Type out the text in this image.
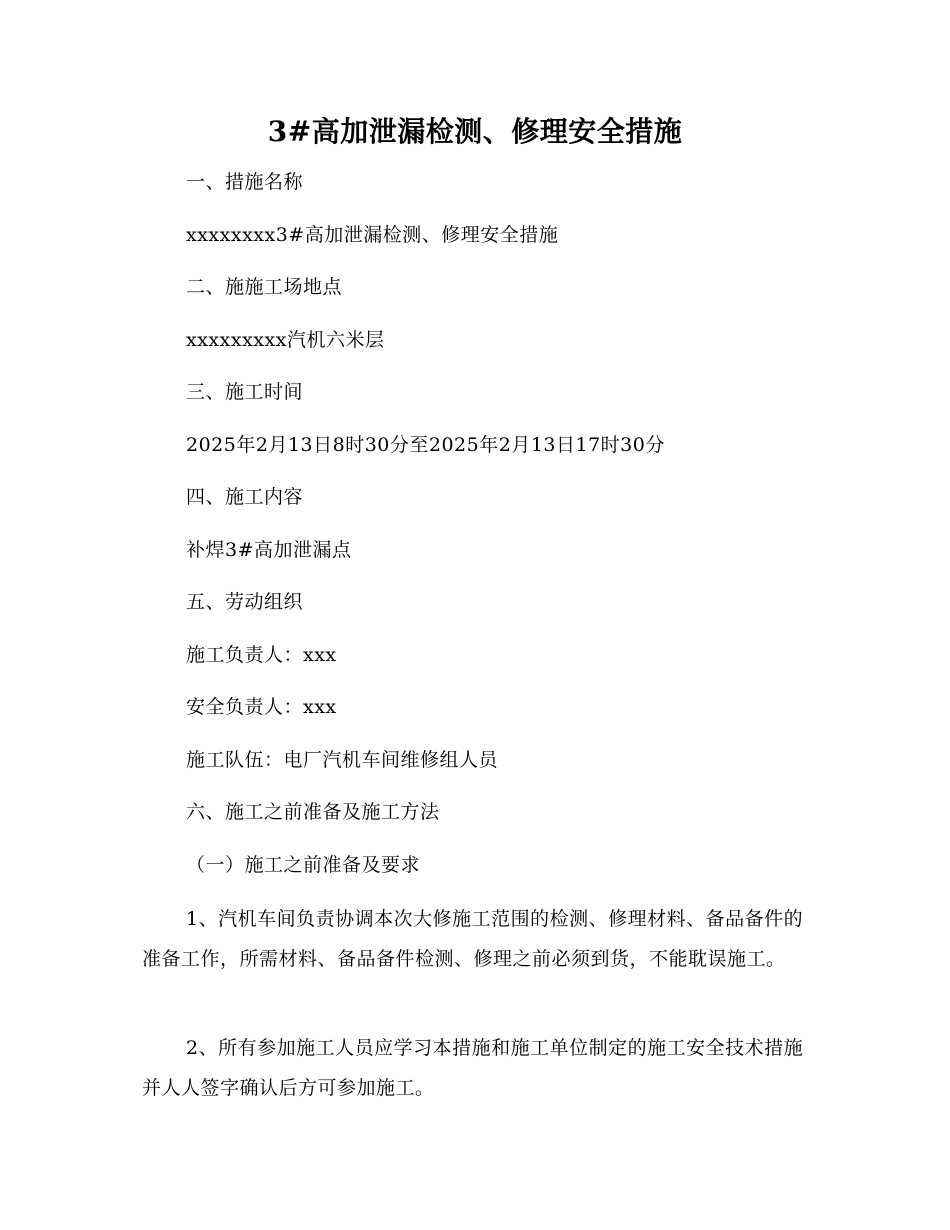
3#高加泄漏检测、修理安全措施
一、措施名称
xxxxxxxx3#高加泄漏检测、修理安全措施
二、施施工场地点
xxxxxxxxx汽机六米层
三、施工时间
2025年2月13日8时30分至2025年2月13日17时30分
四、施工内容
补焊3#高加泄漏点
五、劳动组织
施工负责人：xxx
安全负责人：xxx
施工队伍：电厂汽机车间维修组人员
六、施工之前准备及施工方法
（一）施工之前准备及要求
1、汽机车间负责协调本次大修施工范围的检测、修理材料、备品备件的准备工作，所需材料、备品备件检测、修理之前必须到货，不能耽误施工。
2、所有参加施工人员应学习本措施和施工单位制定的施工安全技术措施并人人签字确认后方可参加施工。
